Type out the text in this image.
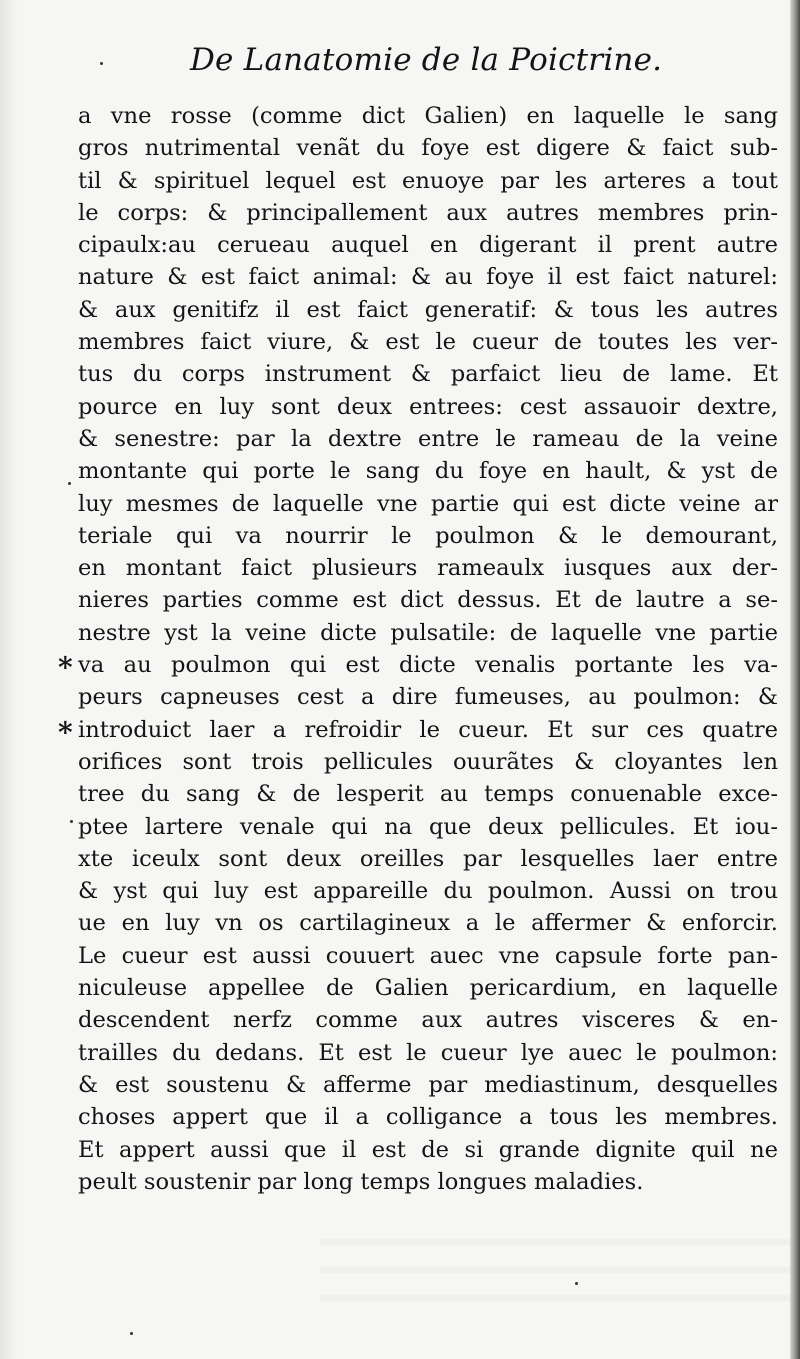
De Lanatomie de la Poictrine.
a vne rosse (comme dict Galien) en laquelle le sang
gros nutrimental venãt du foye est digere & faict sub-
til & spirituel lequel est enuoye par les arteres a tout
le corps: & principallement aux autres membres prin-
cipaulx:au cerueau auquel en digerant il prent autre
nature & est faict animal: & au foye il est faict naturel:
& aux genitifz il est faict generatif: & tous les autres
membres faict viure, & est le cueur de toutes les ver-
tus du corps instrument & parfaict lieu de lame. Et
pource en luy sont deux entrees: cest assauoir dextre,
& senestre: par la dextre entre le rameau de la veine
montante qui porte le sang du foye en hault, & yst de
luy mesmes de laquelle vne partie qui est dicte veine ar
teriale qui va nourrir le poulmon & le demourant,
en montant faict plusieurs rameaulx iusques aux der-
nieres parties comme est dict dessus. Et de lautre a se-
nestre yst la veine dicte pulsatile: de laquelle vne partie
* va au poulmon qui est dicte venalis portante les va-
peurs capneuses cest a dire fumeuses, au poulmon: &
* introduict laer a refroidir le cueur. Et sur ces quatre
orifices sont trois pellicules ouurãtes & cloyantes len
tree du sang & de lesperit au temps conuenable exce-
ptee lartere venale qui na que deux pellicules. Et iou-
xte iceulx sont deux oreilles par lesquelles laer entre
& yst qui luy est appareille du poulmon. Aussi on trou
ue en luy vn os cartilagineux a le affermer & enforcir.
Le cueur est aussi couuert auec vne capsule forte pan-
niculeuse appellee de Galien pericardium, en laquelle
descendent nerfz comme aux autres visceres & en-
trailles du dedans. Et est le cueur lye auec le poulmon:
& est soustenu & afferme par mediastinum, desquelles
choses appert que il a colligance a tous les membres.
Et appert aussi que il est de si grande dignite quil ne
peult soustenir par long temps longues maladies.
